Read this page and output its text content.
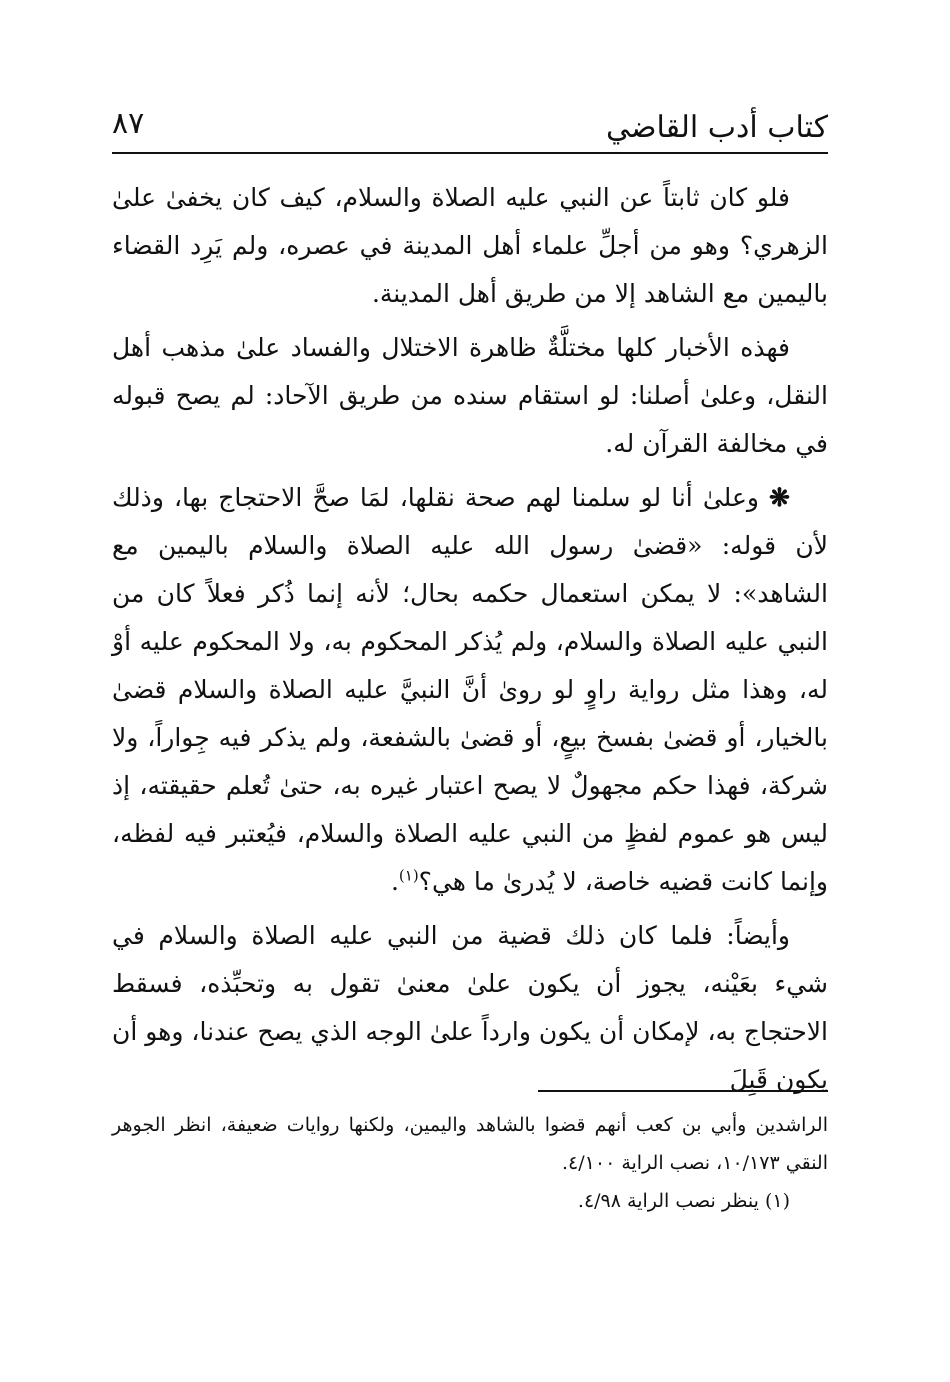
كتاب أدب القاضي
٨٧

فلو كان ثابتاً عن النبي عليه الصلاة والسلام، كيف كان يخفىٰ علىٰ الزهري؟ وهو من أجلِّ علماء أهل المدينة في عصره، ولم يَرِد القضاء باليمين مع الشاهد إلا من طريق أهل المدينة.

فهذه الأخبار كلها مختلَّةٌ ظاهرة الاختلال والفساد علىٰ مذهب أهل النقل، وعلىٰ أصلنا: لو استقام سنده من طريق الآحاد: لم يصح قبوله في مخالفة القرآن له.

❋ وعلىٰ أنا لو سلمنا لهم صحة نقلها، لمَا صحَّ الاحتجاج بها، وذلك لأن قوله: «قضىٰ رسول الله عليه الصلاة والسلام باليمين مع الشاهد»: لا يمكن استعمال حكمه بحال؛ لأنه إنما ذُكر فعلاً كان من النبي عليه الصلاة والسلام، ولم يُذكر المحكوم به، ولا المحكوم عليه أوْ له، وهذا مثل رواية راوٍ لو روىٰ أنَّ النبيَّ عليه الصلاة والسلام قضىٰ بالخيار، أو قضىٰ بفسخ بيعٍ، أو قضىٰ بالشفعة، ولم يذكر فيه جِواراً، ولا شركة، فهذا حكم مجهولٌ لا يصح اعتبار غيره به، حتىٰ تُعلم حقيقته، إذ ليس هو عموم لفظٍ من النبي عليه الصلاة والسلام، فيُعتبر فيه لفظه، وإنما كانت قضيه خاصة، لا يُدرىٰ ما هي؟$^{(١)}$.

وأيضاً: فلما كان ذلك قضية من النبي عليه الصلاة والسلام في شيء بعَيْنه، يجوز أن يكون علىٰ معنىٰ تقول به وتحبِّذه، فسقط الاحتجاج به، لإمكان أن يكون وارداً علىٰ الوجه الذي يصح عندنا، وهو أن يكون قَبِلَ

الراشدين وأبي بن كعب أنهم قضوا بالشاهد واليمين، ولكنها روايات ضعيفة، انظر الجوهر النقي ١٠/١٧٣، نصب الراية ٤/١٠٠.

(١) ينظر نصب الراية ٤/٩٨.
